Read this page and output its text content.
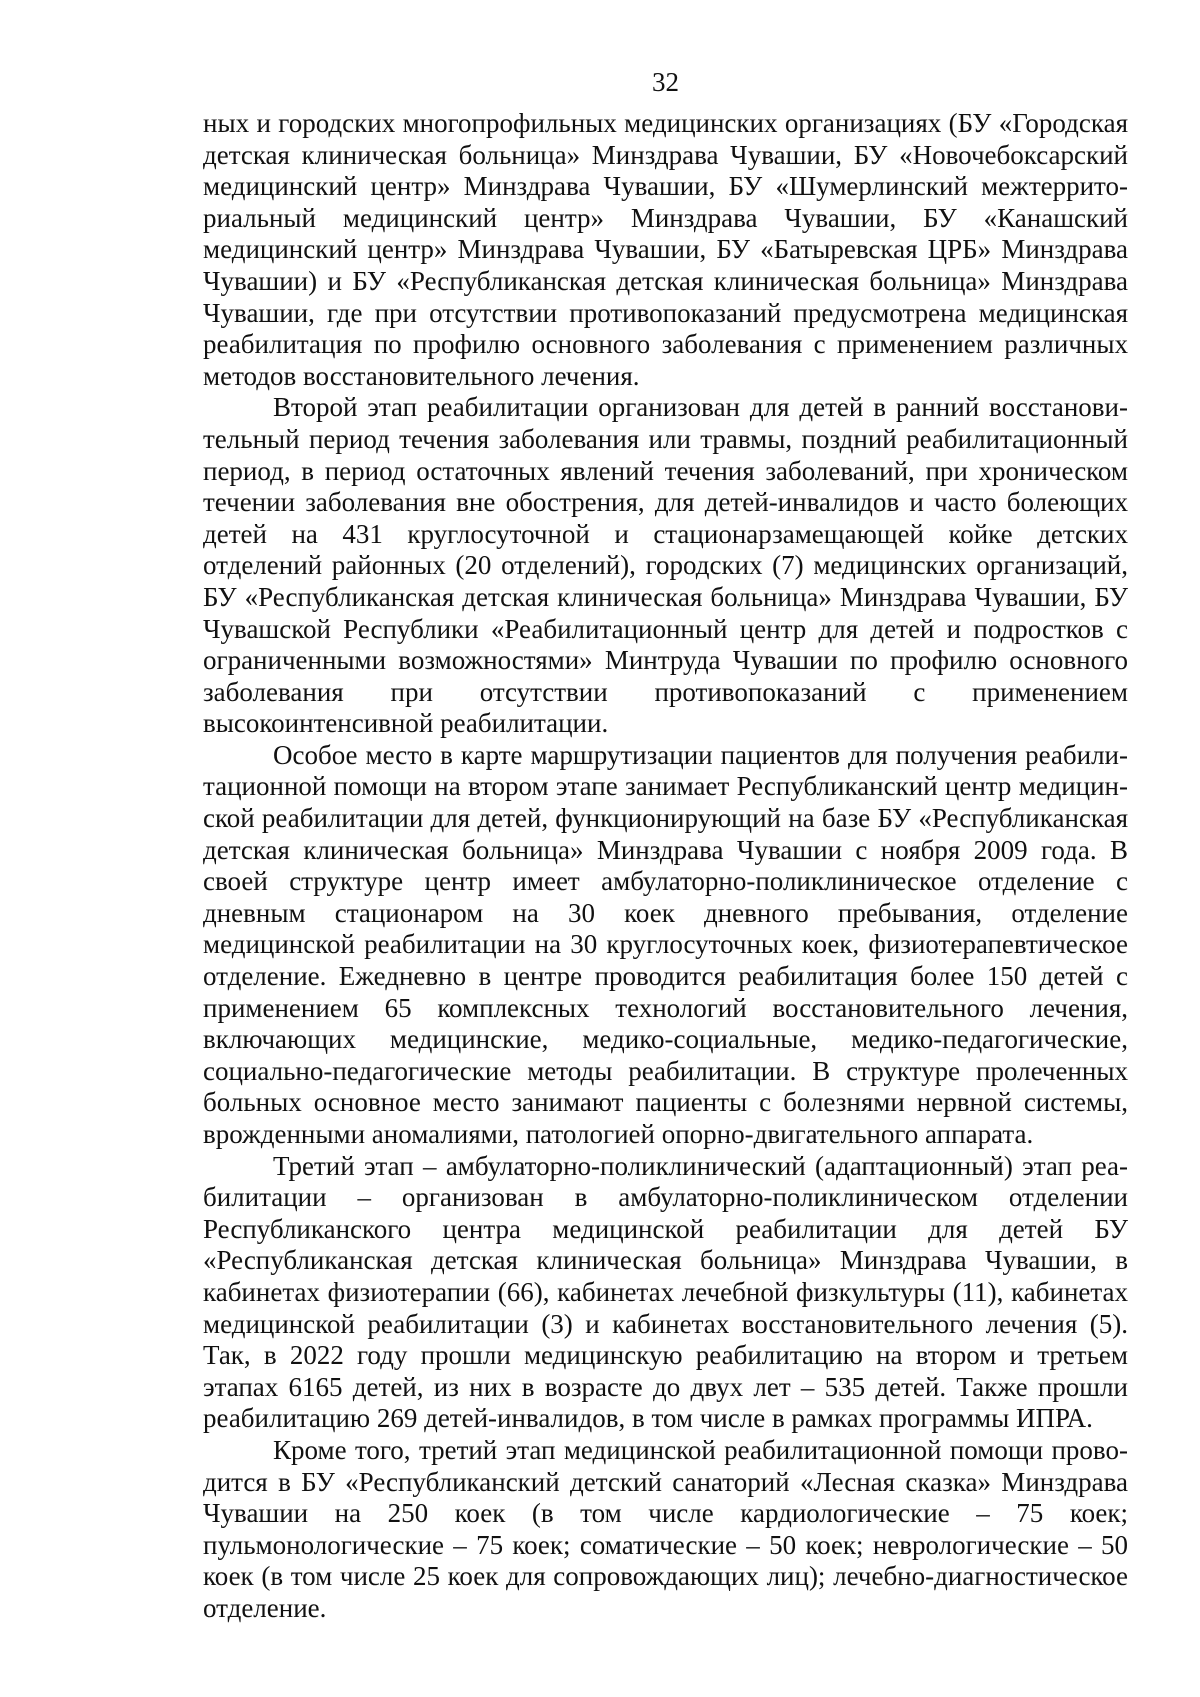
32

ных и городских многопрофильных медицинских организациях (БУ «Городская детская клиническая больница» Минздрава Чувашии, БУ «Новочебоксарский медицинский центр» Минздрава Чувашии, БУ «Шумерлинский межтерриториальный медицинский центр» Минздрава Чувашии, БУ «Канашский медицинский центр» Минздрава Чувашии, БУ «Батыревская ЦРБ» Минздрава Чувашии) и БУ «Республиканская детская клиническая больница» Минздрава Чувашии, где при отсутствии противопоказаний предусмотрена медицинская реабилитация по профилю основного заболевания с применением различных методов восстановительного лечения.

Второй этап реабилитации организован для детей в ранний восстановительный период течения заболевания или травмы, поздний реабилитационный период, в период остаточных явлений течения заболеваний, при хроническом течении заболевания вне обострения, для детей-инвалидов и часто болеющих детей на 431 круглосуточной и стационарзамещающей койке детских отделений районных (20 отделений), городских (7) медицинских организаций, БУ «Республиканская детская клиническая больница» Минздрава Чувашии, БУ Чувашской Республики «Реабилитационный центр для детей и подростков с ограниченными возможностями» Минтруда Чувашии по профилю основного заболевания при отсутствии противопоказаний с применением высокоинтенсивной реабилитации.

Особое место в карте маршрутизации пациентов для получения реабилитационной помощи на втором этапе занимает Республиканский центр медицинской реабилитации для детей, функционирующий на базе БУ «Республиканская детская клиническая больница» Минздрава Чувашии с ноября 2009 года. В своей структуре центр имеет амбулаторно-поликлиническое отделение с дневным стационаром на 30 коек дневного пребывания, отделение медицинской реабилитации на 30 круглосуточных коек, физиотерапевтическое отделение. Ежедневно в центре проводится реабилитация более 150 детей с применением 65 комплексных технологий восстановительного лечения, включающих медицинские, медико-социальные, медико-педагогические, социально-педагогические методы реабилитации. В структуре пролеченных больных основное место занимают пациенты с болезнями нервной системы, врожденными аномалиями, патологией опорно-двигательного аппарата.

Третий этап – амбулаторно-поликлинический (адаптационный) этап реабилитации – организован в амбулаторно-поликлиническом отделении Республиканского центра медицинской реабилитации для детей БУ «Республиканская детская клиническая больница» Минздрава Чувашии, в кабинетах физиотерапии (66), кабинетах лечебной физкультуры (11), кабинетах медицинской реабилитации (3) и кабинетах восстановительного лечения (5). Так, в 2022 году прошли медицинскую реабилитацию на втором и третьем этапах 6165 детей, из них в возрасте до двух лет – 535 детей. Также прошли реабилитацию 269 детей-инвалидов, в том числе в рамках программы ИПРА.

Кроме того, третий этап медицинской реабилитационной помощи проводится в БУ «Республиканский детский санаторий «Лесная сказка» Минздрава Чувашии на 250 коек (в том числе кардиологические – 75 коек; пульмонологические – 75 коек; соматические – 50 коек; неврологические – 50 коек (в том числе 25 коек для сопровождающих лиц); лечебно-диагностическое отделение.
